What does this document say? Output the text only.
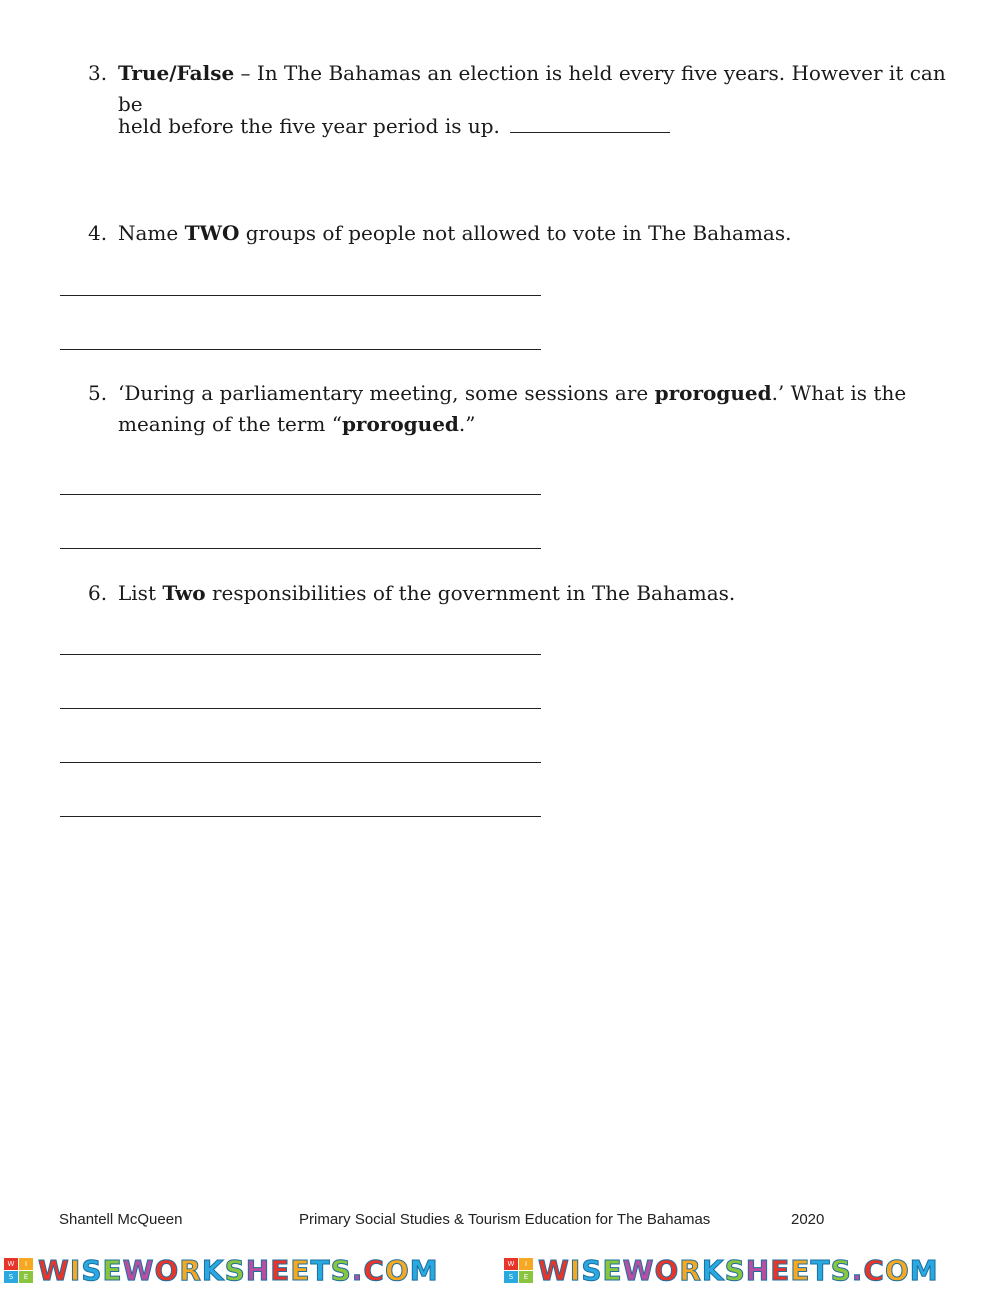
3. True/False – In The Bahamas an election is held every five years. However it can be
held before the five year period is up.
4. Name TWO groups of people not allowed to vote in The Bahamas.
5. ‘During a parliamentary meeting, some sessions are prorogued.’ What is the
meaning of the term “prorogued.”
6. List Two responsibilities of the government in The Bahamas.
Shantell McQueen	Primary Social Studies & Tourism Education for The Bahamas	2020
W	I
S	E WISEWORKSHEETS.COM	W	I
S	E WISEWORKSHEETS.COM
